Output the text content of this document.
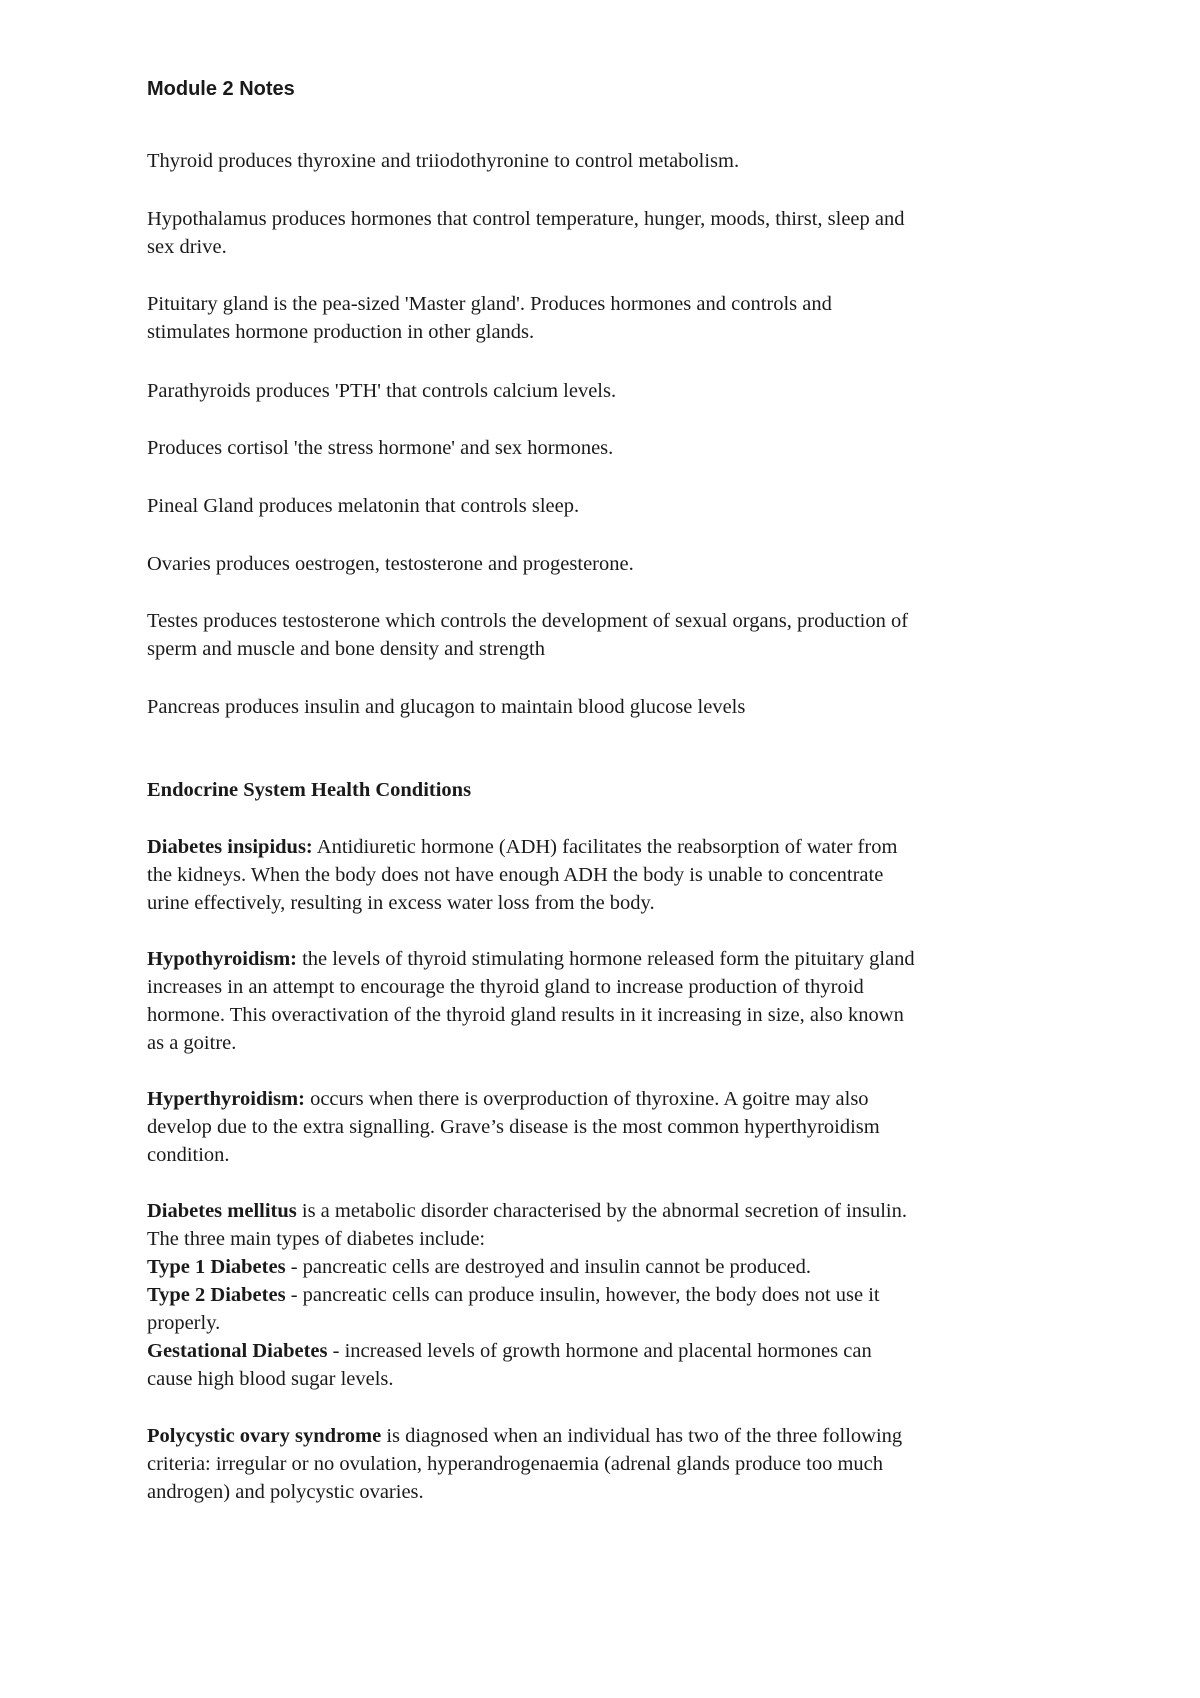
Module 2 Notes

Thyroid produces thyroxine and triiodothyronine to control metabolism.

Hypothalamus produces hormones that control temperature, hunger, moods, thirst, sleep and
sex drive.

Pituitary gland is the pea-sized 'Master gland'. Produces hormones and controls and
stimulates hormone production in other glands.

Parathyroids produces 'PTH' that controls calcium levels.

Produces cortisol 'the stress hormone' and sex hormones.

Pineal Gland produces melatonin that controls sleep.

Ovaries produces oestrogen, testosterone and progesterone.

Testes produces testosterone which controls the development of sexual organs, production of
sperm and muscle and bone density and strength

Pancreas produces insulin and glucagon to maintain blood glucose levels

Endocrine System Health Conditions

Diabetes insipidus: Antidiuretic hormone (ADH) facilitates the reabsorption of water from
the kidneys. When the body does not have enough ADH the body is unable to concentrate
urine effectively, resulting in excess water loss from the body.

Hypothyroidism: the levels of thyroid stimulating hormone released form the pituitary gland
increases in an attempt to encourage the thyroid gland to increase production of thyroid
hormone. This overactivation of the thyroid gland results in it increasing in size, also known
as a goitre.

Hyperthyroidism: occurs when there is overproduction of thyroxine. A goitre may also
develop due to the extra signalling. Grave’s disease is the most common hyperthyroidism
condition.

Diabetes mellitus is a metabolic disorder characterised by the abnormal secretion of insulin.
The three main types of diabetes include:
Type 1 Diabetes - pancreatic cells are destroyed and insulin cannot be produced.
Type 2 Diabetes - pancreatic cells can produce insulin, however, the body does not use it
properly.
Gestational Diabetes - increased levels of growth hormone and placental hormones can
cause high blood sugar levels.

Polycystic ovary syndrome is diagnosed when an individual has two of the three following
criteria: irregular or no ovulation, hyperandrogenaemia (adrenal glands produce too much
androgen) and polycystic ovaries.
